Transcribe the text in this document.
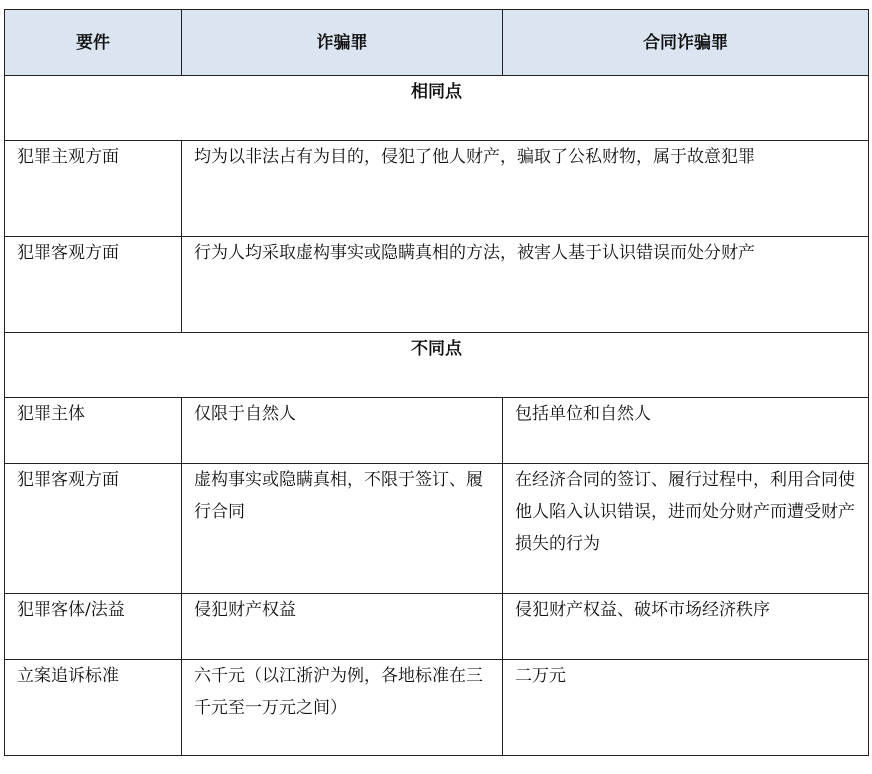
要件	诈骗罪	合同诈骗罪
相同点		
犯罪主观方面	均为以非法占有为目的，侵犯了他人财产，骗取了公私财物，属于故意犯罪	
犯罪客观方面	行为人均采取虚构事实或隐瞒真相的方法，被害人基于认识错误而处分财产	
不同点		
犯罪主体	仅限于自然人	包括单位和自然人
犯罪客观方面	虚构事实或隐瞒真相，不限于签订、履行合同	在经济合同的签订、履行过程中，利用合同使他人陷入认识错误，进而处分财产而遭受财产损失的行为
犯罪客体/法益	侵犯财产权益	侵犯财产权益、破坏市场经济秩序
立案追诉标准	六千元（以江浙沪为例，各地标准在三千元至一万元之间）	二万元
